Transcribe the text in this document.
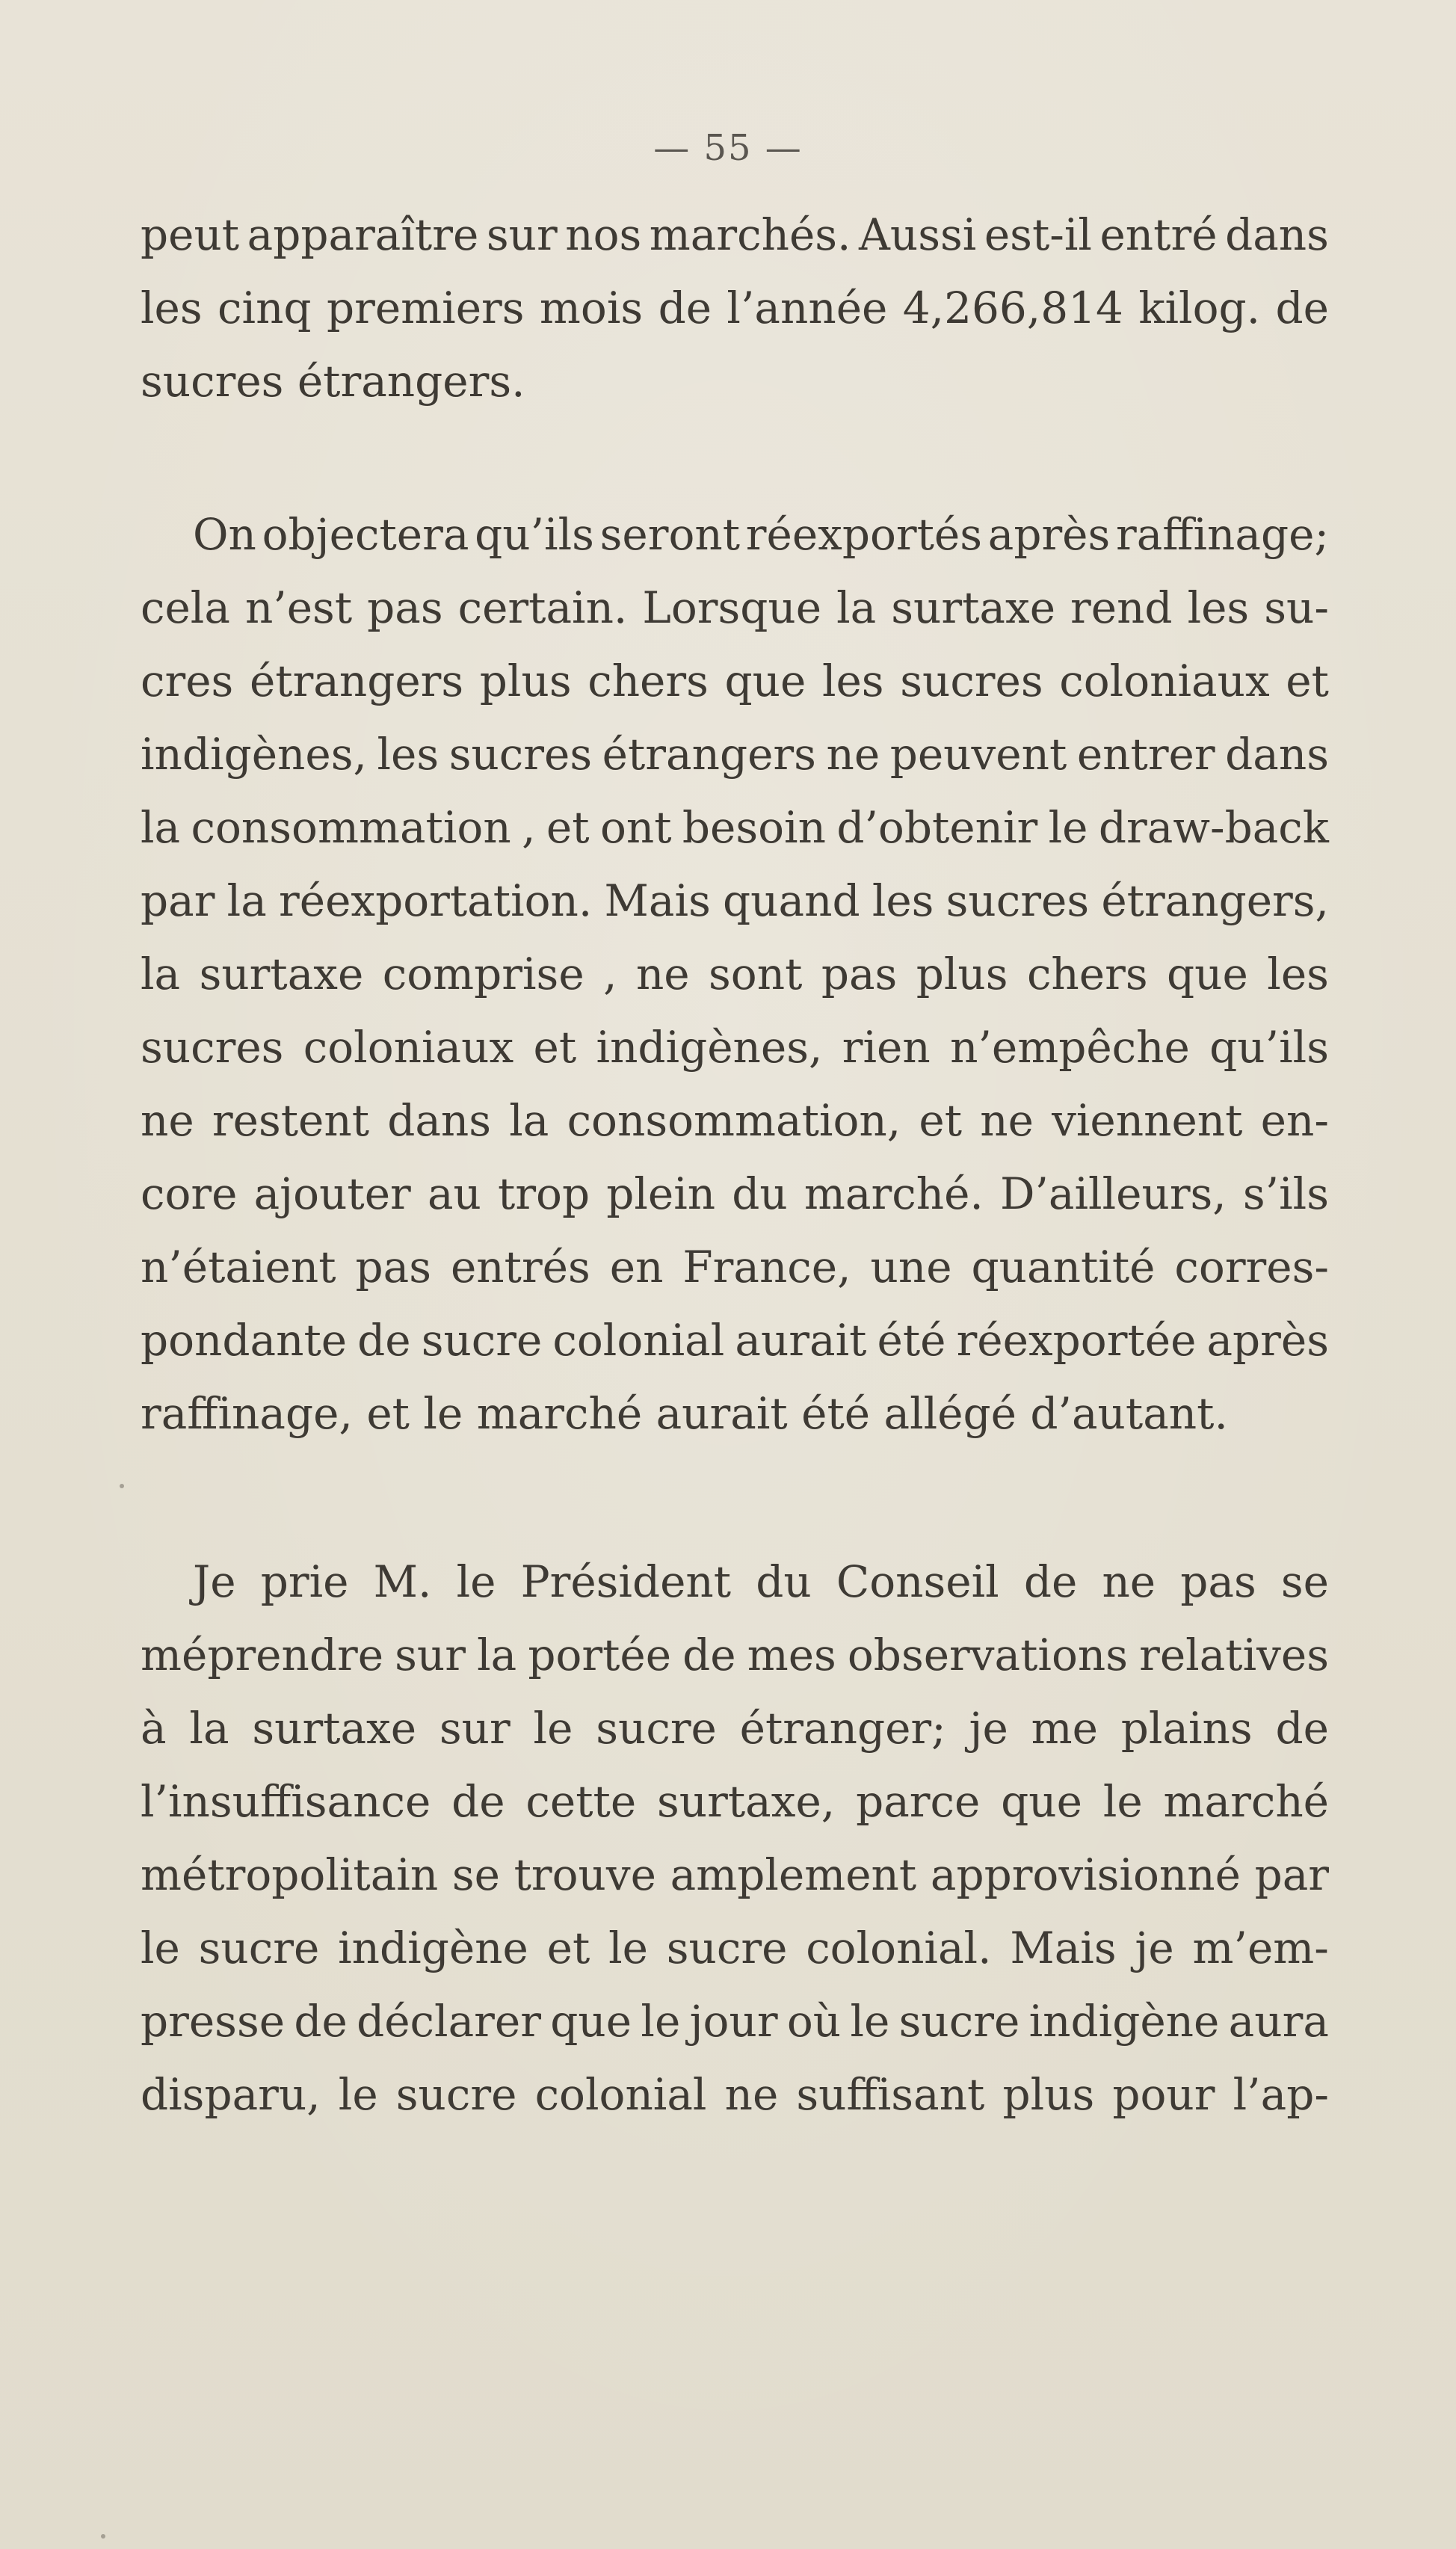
— 55 —
peut apparaître sur nos marchés. Aussi est-il entré dans
les cinq premiers mois de l’année 4,266,814 kilog. de
sucres étrangers.
On objectera qu’ils seront réexportés après raffinage;
cela n’est pas certain. Lorsque la surtaxe rend les su-
cres étrangers plus chers que les sucres coloniaux et
indigènes, les sucres étrangers ne peuvent entrer dans
la consommation , et ont besoin d’obtenir le draw-back
par la réexportation. Mais quand les sucres étrangers,
la surtaxe comprise , ne sont pas plus chers que les
sucres coloniaux et indigènes, rien n’empêche qu’ils
ne restent dans la consommation, et ne viennent en-
core ajouter au trop plein du marché. D’ailleurs, s’ils
n’étaient pas entrés en France, une quantité corres-
pondante de sucre colonial aurait été réexportée après
raffinage, et le marché aurait été allégé d’autant.
Je prie M. le Président du Conseil de ne pas se
méprendre sur la portée de mes observations relatives
à la surtaxe sur le sucre étranger; je me plains de
l’insuffisance de cette surtaxe, parce que le marché
métropolitain se trouve amplement approvisionné par
le sucre indigène et le sucre colonial. Mais je m’em-
presse de déclarer que le jour où le sucre indigène aura
disparu, le sucre colonial ne suffisant plus pour l’ap-
